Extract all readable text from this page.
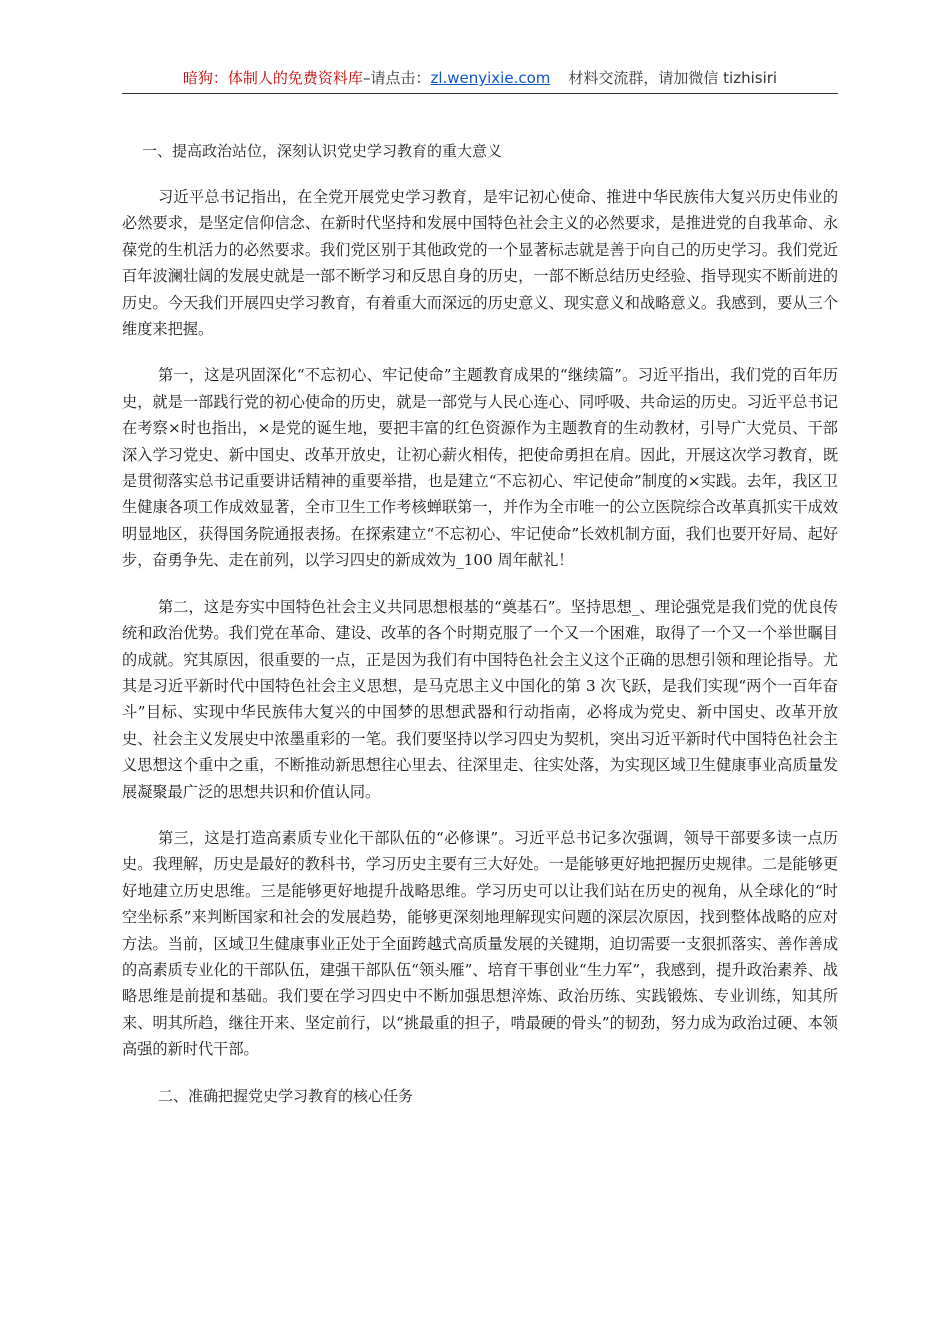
暗狗：体制人的免费资料库–请点击：zl.wenyixie.com 材料交流群，请加微信 tizhisiri
一、提高政治站位，深刻认识党史学习教育的重大意义

习近平总书记指出，在全党开展党史学习教育，是牢记初心使命、推进中华民族伟大复兴历史伟业的必然要求，是坚定信仰信念、在新时代坚持和发展中国特色社会主义的必然要求，是推进党的自我革命、永葆党的生机活力的必然要求。我们党区别于其他政党的一个显著标志就是善于向自己的历史学习。我们党近百年波澜壮阔的发展史就是一部不断学习和反思自身的历史，一部不断总结历史经验、指导现实不断前进的历史。今天我们开展四史学习教育，有着重大而深远的历史意义、现实意义和战略意义。我感到，要从三个维度来把握。

第一，这是巩固深化“不忘初心、牢记使命”主题教育成果的“继续篇”。习近平指出，我们党的百年历史，就是一部践行党的初心使命的历史，就是一部党与人民心连心、同呼吸、共命运的历史。习近平总书记在考察×时也指出，×是党的诞生地，要把丰富的红色资源作为主题教育的生动教材，引导广大党员、干部深入学习党史、新中国史、改革开放史，让初心薪火相传，把使命勇担在肩。因此，开展这次学习教育，既是贯彻落实总书记重要讲话精神的重要举措，也是建立“不忘初心、牢记使命”制度的×实践。去年，我区卫生健康各项工作成效显著，全市卫生工作考核蝉联第一，并作为全市唯一的公立医院综合改革真抓实干成效明显地区，获得国务院通报表扬。在探索建立“不忘初心、牢记使命”长效机制方面，我们也要开好局、起好步，奋勇争先、走在前列，以学习四史的新成效为_100 周年献礼！

第二，这是夯实中国特色社会主义共同思想根基的“奠基石”。坚持思想_、理论强党是我们党的优良传统和政治优势。我们党在革命、建设、改革的各个时期克服了一个又一个困难，取得了一个又一个举世瞩目的成就。究其原因，很重要的一点，正是因为我们有中国特色社会主义这个正确的思想引领和理论指导。尤其是习近平新时代中国特色社会主义思想，是马克思主义中国化的第 3 次飞跃，是我们实现“两个一百年奋斗”目标、实现中华民族伟大复兴的中国梦的思想武器和行动指南，必将成为党史、新中国史、改革开放史、社会主义发展史中浓墨重彩的一笔。我们要坚持以学习四史为契机，突出习近平新时代中国特色社会主义思想这个重中之重，不断推动新思想往心里去、往深里走、往实处落，为实现区域卫生健康事业高质量发展凝聚最广泛的思想共识和价值认同。

第三，这是打造高素质专业化干部队伍的“必修课”。习近平总书记多次强调，领导干部要多读一点历史。我理解，历史是最好的教科书，学习历史主要有三大好处。一是能够更好地把握历史规律。二是能够更好地建立历史思维。三是能够更好地提升战略思维。学习历史可以让我们站在历史的视角，从全球化的“时空坐标系”来判断国家和社会的发展趋势，能够更深刻地理解现实问题的深层次原因，找到整体战略的应对方法。当前，区域卫生健康事业正处于全面跨越式高质量发展的关键期，迫切需要一支狠抓落实、善作善成的高素质专业化的干部队伍，建强干部队伍“领头雁”、培育干事创业“生力军”，我感到，提升政治素养、战略思维是前提和基础。我们要在学习四史中不断加强思想淬炼、政治历练、实践锻炼、专业训练，知其所来、明其所趋，继往开来、坚定前行，以“挑最重的担子，啃最硬的骨头”的韧劲，努力成为政治过硬、本领高强的新时代干部。

二、准确把握党史学习教育的核心任务
